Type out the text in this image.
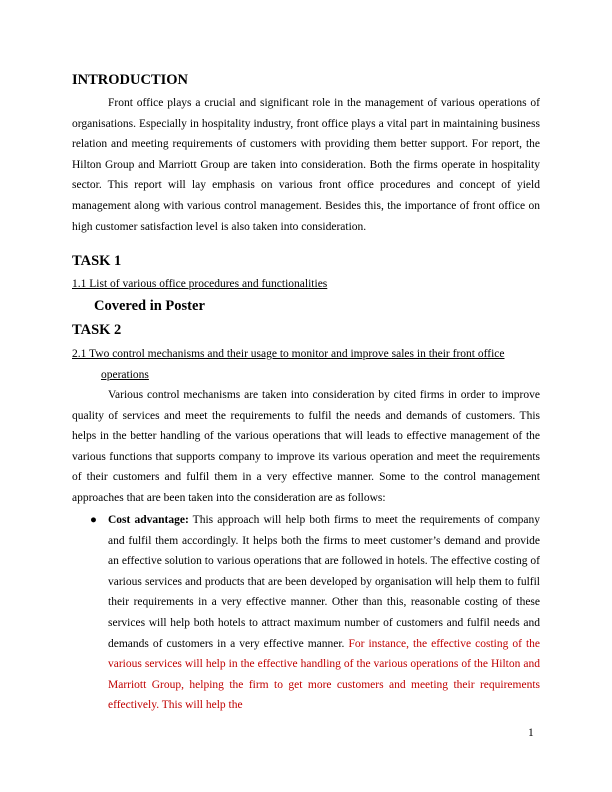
INTRODUCTION

Front office plays a crucial and significant role in the management of various operations of organisations. Especially in hospitality industry, front office plays a vital part in maintaining business relation and meeting requirements of customers with providing them better support. For report, the Hilton Group and Marriott Group are taken into consideration. Both the firms operate in hospitality sector. This report will lay emphasis on various front office procedures and concept of yield management along with various control management. Besides this, the importance of front office on high customer satisfaction level is also taken into consideration.

TASK 1

1.1 List of various office procedures and functionalities

Covered in Poster

TASK 2

2.1 Two control mechanisms and their usage to monitor and improve sales in their front office
operations

Various control mechanisms are taken into consideration by cited firms in order to improve quality of services and meet the requirements to fulfil the needs and demands of customers. This helps in the better handling of the various operations that will leads to effective management of the various functions that supports company to improve its various operation and meet the requirements of their customers and fulfil them in a very effective manner. Some to the control management approaches that are been taken into the consideration are as follows:

● Cost advantage: This approach will help both firms to meet the requirements of company and fulfil them accordingly. It helps both the firms to meet customer’s demand and provide an effective solution to various operations that are followed in hotels. The effective costing of various services and products that are been developed by organisation will help them to fulfil their requirements in a very effective manner. Other than this, reasonable costing of these services will help both hotels to attract maximum number of customers and fulfil needs and demands of customers in a very effective manner. For instance, the effective costing of the various services will help in the effective handling of the various operations of the Hilton and Marriott Group, helping the firm to get more customers and meeting their requirements effectively. This will help the

1
